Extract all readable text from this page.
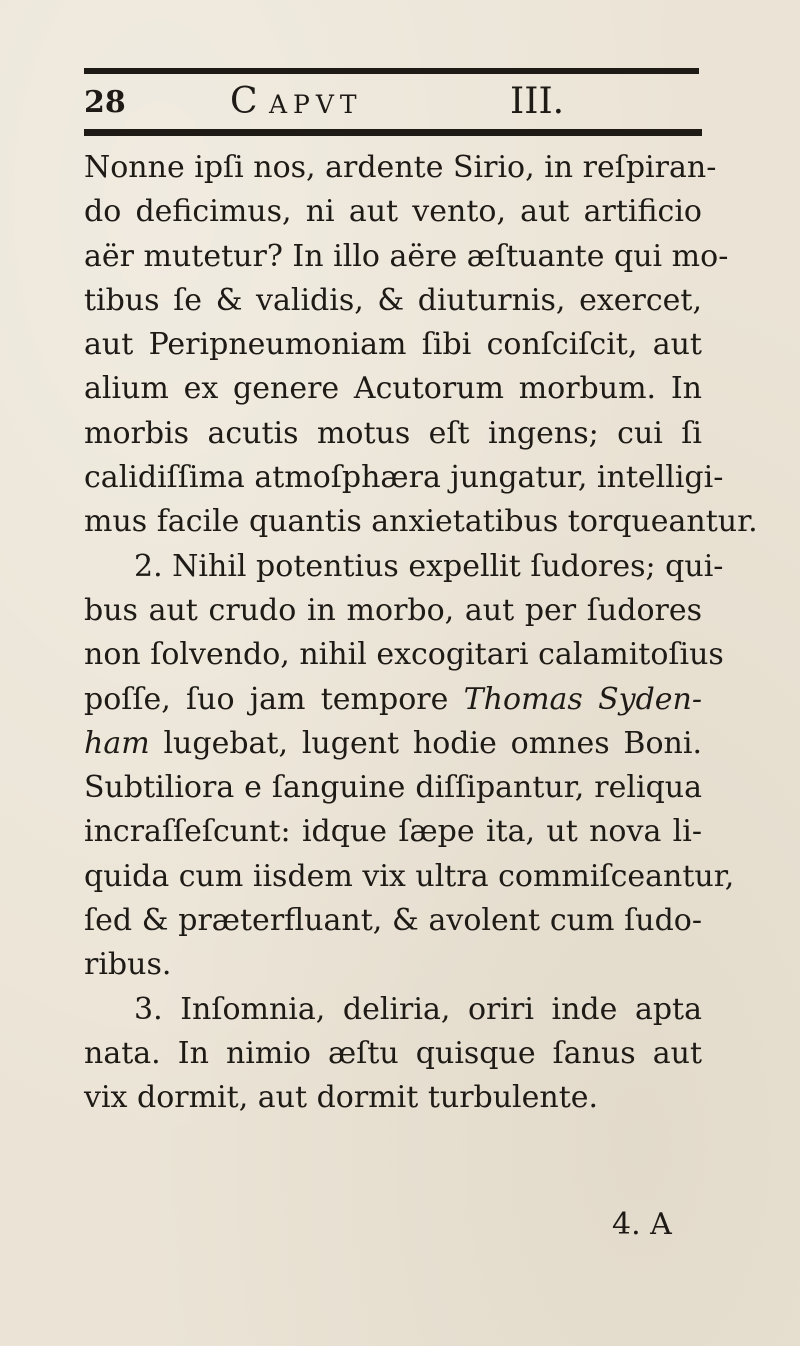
28	C APVT	III.
Nonne ipſi nos, ardente Sirio, in reſpiran-
do deficimus, ni aut vento, aut artificio
aër mutetur? In illo aëre æſtuante qui mo-
tibus ſe & validis, & diuturnis, exercet,
aut Peripneumoniam ſibi conſciſcit, aut
alium ex genere Acutorum morbum. In
morbis acutis motus eſt ingens; cui ſi
calidiſſima atmoſphæra jungatur, intelligi-
mus facile quantis anxietatibus torqueantur.
2. Nihil potentius expellit ſudores; qui-
bus aut crudo in morbo, aut per ſudores
non ſolvendo, nihil excogitari calamitoſius
poſſe, ſuo jam tempore Thomas Syden-
ham lugebat, lugent hodie omnes Boni.
Subtiliora e ſanguine diſſipantur, reliqua
incraſſeſcunt: idque ſæpe ita, ut nova li-
quida cum iisdem vix ultra commiſceantur,
ſed & præterfluant, & avolent cum ſudo-
ribus.
3. Inſomnia, deliria, oriri inde apta
nata. In nimio æſtu quisque ſanus aut
vix dormit, aut dormit turbulente.
4. A
